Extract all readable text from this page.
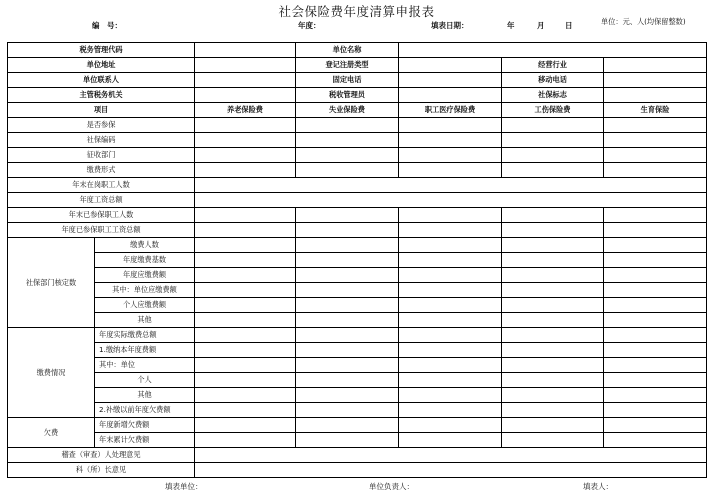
社会保险费年度清算申报表
编　号：	年度：	填表日期：	年	月	日	单位：元、人(均保留整数)
税务管理代码			单位名称			
单位地址			登记注册类型		经营行业	
单位联系人			固定电话		移动电话	
主管税务机关			税收管理员		社保标志	
项目		养老保险费	失业保险费	职工医疗保险费	工伤保险费	生育保险
是否参保						
社保编码						
征收部门						
缴费形式						
年末在岗职工人数						
年度工资总额						
年末已参保职工人数						
年度已参保职工工资总额						
社保部门核定数	缴费人数					
	年度缴费基数					
	年度应缴费额					
	其中：单位应缴费额					
	个人应缴费额					
	其他					
缴费情况	年度实际缴费总额					
	1.缴纳本年度费额					
	其中：单位					
	个人					
	其他					
	2.补缴以前年度欠费额					
欠费	年度新增欠费额					
	年末累计欠费额					
稽查（审查）人处理意见						
科（所）长意见						
填表单位：	单位负责人：	填表人：
